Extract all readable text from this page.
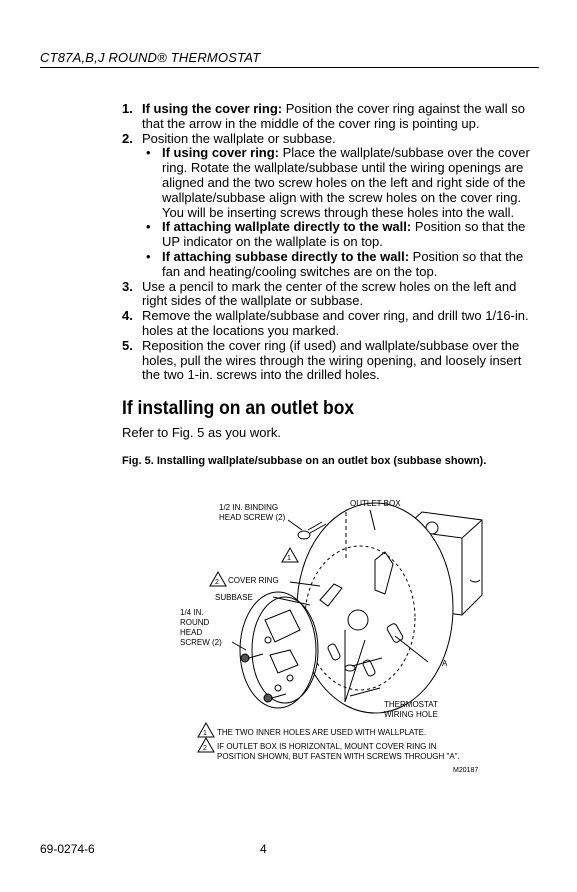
CT87A,B,J ROUND® THERMOSTAT
1. If using the cover ring: Position the cover ring against the wall so that the arrow in the middle of the cover ring is pointing up.
2. Position the wallplate or subbase.
• If using cover ring: Place the wallplate/subbase over the cover ring. Rotate the wallplate/subbase until the wiring openings are aligned and the two screw holes on the left and right side of the wallplate/subbase align with the screw holes on the cover ring. You will be inserting screws through these holes into the wall.
• If attaching wallplate directly to the wall: Position so that the UP indicator on the wallplate is on top.
• If attaching subbase directly to the wall: Position so that the fan and heating/cooling switches are on the top.
3. Use a pencil to mark the center of the screw holes on the left and right sides of the wallplate or subbase.
4. Remove the wallplate/subbase and cover ring, and drill two 1/16-in. holes at the locations you marked.
5. Reposition the cover ring (if used) and wallplate/subbase over the holes, pull the wires through the wiring opening, and loosely insert the two 1-in. screws into the drilled holes.
If installing on an outlet box
Refer to Fig. 5 as you work.
Fig. 5. Installing wallplate/subbase on an outlet box (subbase shown).
1/2 IN. BINDING
HEAD SCREW (2)
OUTLET BOX
COVER RING
SUBBASE
1/4 IN.
ROUND
HEAD
SCREW (2)
A
THERMOSTAT
WIRING HOLE
1
2
1
2
THE TWO INNER HOLES ARE USED WITH WALLPLATE.
IF OUTLET BOX IS HORIZONTAL, MOUNT COVER RING IN
POSITION SHOWN, BUT FASTEN WITH SCREWS THROUGH "A".
M20187
69-0274-6	4
